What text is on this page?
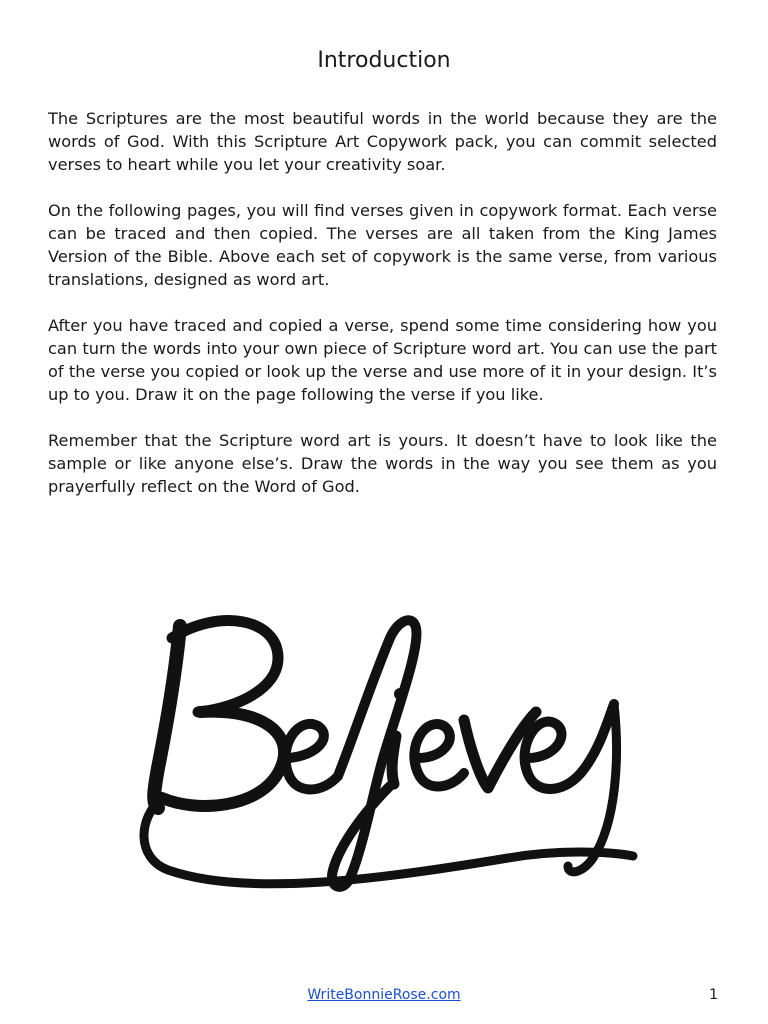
Introduction

The Scriptures are the most beautiful words in the world because they are the words of God. With this Scripture Art Copywork pack, you can commit selected verses to heart while you let your creativity soar.

On the following pages, you will find verses given in copywork format. Each verse can be traced and then copied. The verses are all taken from the King James Version of the Bible. Above each set of copywork is the same verse, from various translations, designed as word art.

After you have traced and copied a verse, spend some time considering how you can turn the words into your own piece of Scripture word art. You can use the part of the verse you copied or look up the verse and use more of it in your design. It’s up to you. Draw it on the page following the verse if you like.

Remember that the Scripture word art is yours. It doesn’t have to look like the sample or like anyone else’s. Draw the words in the way you see them as you prayerfully reflect on the Word of God.

WriteBonnieRose.com	1
